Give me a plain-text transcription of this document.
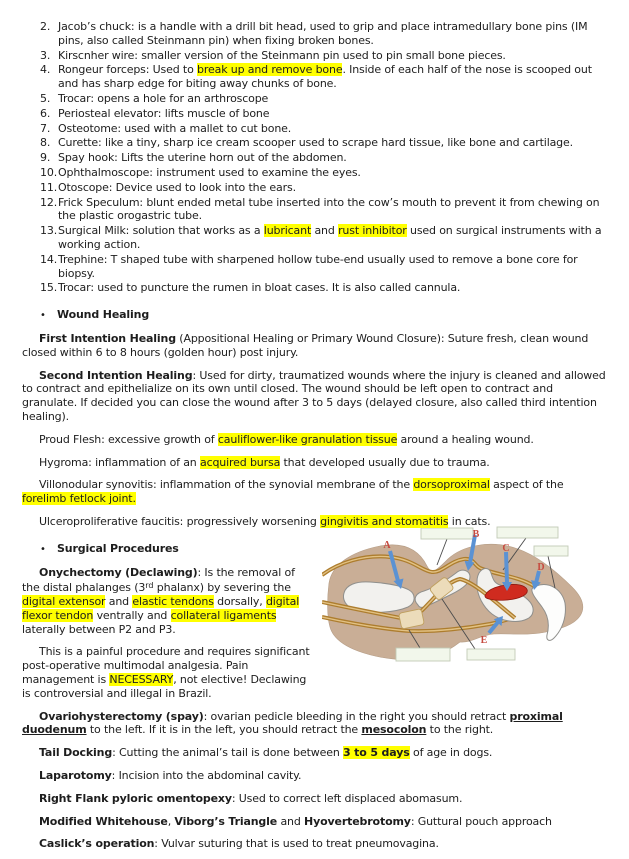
2. Jacob’s chuck: is a handle with a drill bit head, used to grip and place intramedullary bone pins (IM pins, also called Steinmann pin) when fixing broken bones.
3. Kirscnher wire: smaller version of the Steinmann pin used to pin small bone pieces.
4. Rongeur forceps: Used to break up and remove bone. Inside of each half of the nose is scooped out and has sharp edge for biting away chunks of bone.
5. Trocar: opens a hole for an arthroscope
6. Periosteal elevator: lifts muscle of bone
7. Osteotome: used with a mallet to cut bone.
8. Curette: like a tiny, sharp ice cream scooper used to scrape hard tissue, like bone and cartilage.
9. Spay hook: Lifts the uterine horn out of the abdomen.
10. Ophthalmoscope: instrument used to examine the eyes.
11. Otoscope: Device used to look into the ears.
12. Frick Speculum: blunt ended metal tube inserted into the cow’s mouth to prevent it from chewing on the plastic orogastric tube.
13. Surgical Milk: solution that works as a lubricant and rust inhibitor used on surgical instruments with a working action.
14. Trephine: T shaped tube with sharpened hollow tube-end usually used to remove a bone core for biopsy.
15. Trocar: used to puncture the rumen in bloat cases. It is also called cannula.
• Wound Healing
First Intention Healing (Appositional Healing or Primary Wound Closure): Suture fresh, clean wound closed within 6 to 8 hours (golden hour) post injury.
Second Intention Healing: Used for dirty, traumatized wounds where the injury is cleaned and allowed to contract and epithelialize on its own until closed. The wound should be left open to contract and granulate. If decided you can close the wound after 3 to 5 days (delayed closure, also called third intention healing).
Proud Flesh: excessive growth of cauliflower-like granulation tissue around a healing wound.
Hygroma: inflammation of an acquired bursa that developed usually due to trauma.
Villonodular synovitis: inflammation of the synovial membrane of the dorsoproximal aspect of the forelimb fetlock joint.
Ulceroproliferative faucitis: progressively worsening gingivitis and stomatitis in cats.
A
B
C
D
E
• Surgical Procedures
Onychectomy (Declawing): Is the removal of the distal phalanges (3rd phalanx) by severing the digital extensor and elastic tendons dorsally, digital flexor tendon ventrally and collateral ligaments laterally between P2 and P3.
This is a painful procedure and requires significant post-operative multimodal analgesia. Pain management is NECESSARY, not elective! Declawing is controversial and illegal in Brazil.
Ovariohysterectomy (spay): ovarian pedicle bleeding in the right you should retract proximal duodenum to the left. If it is in the left, you should retract the mesocolon to the right.
Tail Docking: Cutting the animal’s tail is done between 3 to 5 days of age in dogs.
Laparotomy: Incision into the abdominal cavity.
Right Flank pyloric omentopexy: Used to correct left displaced abomasum.
Modified Whitehouse, Viborg’s Triangle and Hyovertebrotomy: Guttural pouch approach
Caslick’s operation: Vulvar suturing that is used to treat pneumovagina.
